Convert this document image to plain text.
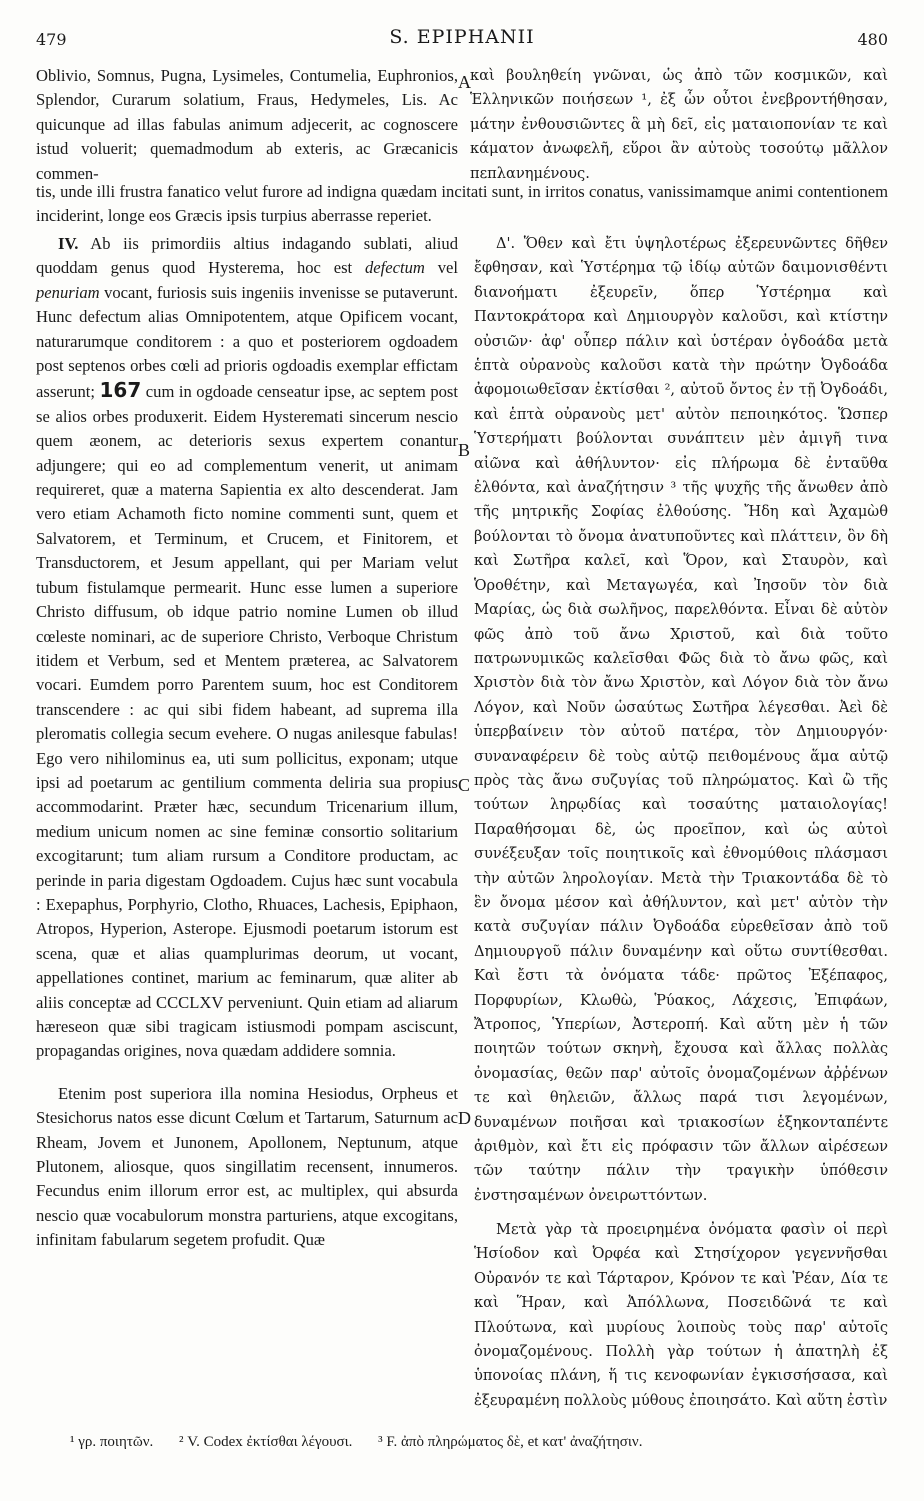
479	S. EPIPHANII	480

Oblivio, Somnus, Pugna, Lysimeles, Contumelia, Euphronios, Splendor, Curarum solatium, Fraus, Hedymeles, Lis. Ac quicunque ad illas fabulas animum adjecerit, ac cognoscere istud voluerit; quemadmodum ab exteris, ac Græcanicis commen-

καὶ βουληθείη γνῶναι, ὡς ἀπὸ τῶν κοσμικῶν, καὶ Ἑλληνικῶν ποιήσεων ¹, ἐξ ὧν οὗτοι ἐνεβροντήθησαν, μάτην ἐνθουσιῶντες ἃ μὴ δεῖ, εἰς ματαιοπονίαν τε καὶ κάματον ἀνωφελῆ, εὕροι ἂν αὐτοὺς τοσούτῳ μᾶλλον πεπλανημένους.

tis, unde illi frustra fanatico velut furore ad indigna quædam incitati sunt, in irritos conatus, vanissimamque animi contentionem inciderint, longe eos Græcis ipsis turpius aberrasse reperiet.

IV. Ab iis primordiis altius indagando sublati, aliud quoddam genus quod Hysterema, hoc est defectum vel penuriam vocant, furiosis suis ingeniis invenisse se putaverunt. Hunc defectum alias Omnipotentem, atque Opificem vocant, naturarumque conditorem : a quo et posteriorem ogdoadem post septenos orbes cœli ad prioris ogdoadis exemplar effictam asserunt; 167 cum in ogdoade censeatur ipse, ac septem post se alios orbes produxerit. Eidem Hysteremati sincerum nescio quem æonem, ac deterioris sexus expertem conantur adjungere; qui eo ad complementum venerit, ut animam requireret, quæ a materna Sapientia ex alto descenderat. Jam vero etiam Achamoth ficto nomine commenti sunt, quem et Salvatorem, et Terminum, et Crucem, et Finitorem, et Transductorem, et Jesum appellant, qui per Mariam velut tubum fistulamque permearit. Hunc esse lumen a superiore Christo diffusum, ob idque patrio nomine Lumen ob illud cœleste nominari, ac de superiore Christo, Verboque Christum itidem et Verbum, sed et Mentem præterea, ac Salvatorem vocari. Eumdem porro Parentem suum, hoc est Conditorem transcendere : ac qui sibi fidem habeant, ad suprema illa pleromatis collegia secum evehere. O nugas anilesque fabulas! Ego vero nihilominus ea, uti sum pollicitus, exponam; utque ipsi ad poetarum ac gentilium commenta deliria sua propius accommodarint. Præter hæc, secundum Tricenarium illum, medium unicum nomen ac sine feminæ consortio solitarium excogitarunt; tum aliam rursum a Conditore productam, ac perinde in paria digestam Ogdoadem. Cujus hæc sunt vocabula : Exepaphus, Porphyrio, Clotho, Rhuaces, Lachesis, Epiphaon, Atropos, Hyperion, Asterope. Ejusmodi poetarum istorum est scena, quæ et alias quamplurimas deorum, ut vocant, appellationes continet, marium ac feminarum, quæ aliter ab aliis conceptæ ad CCCLXV perveniunt. Quin etiam ad aliarum hæreseon quæ sibi tragicam istiusmodi pompam asciscunt, propagandas origines, nova quædam addidere somnia.

Etenim post superiora illa nomina Hesiodus, Orpheus et Stesichorus natos esse dicunt Cœlum et Tartarum, Saturnum ac Rheam, Jovem et Junonem, Apollonem, Neptunum, atque Plutonem, aliosque, quos singillatim recensent, innumeros. Fecundus enim illorum error est, ac multiplex, qui absurda nescio quæ vocabulorum monstra parturiens, atque excogitans, infinitam fabularum segetem profudit. Quæ

Δ'. Ὅθεν καὶ ἔτι ὑψηλοτέρως ἐξερευνῶντες δῆθεν ἔφθησαν, καὶ Ὑστέρημα τῷ ἰδίῳ αὐτῶν δαιμονισθέντι διανοήματι ἐξευρεῖν, ὅπερ Ὑστέρημα καὶ Παντοκράτορα καὶ Δημιουργὸν καλοῦσι, καὶ κτίστην οὐσιῶν· ἀφ' οὗπερ πάλιν καὶ ὑστέραν ὀγδοάδα μετὰ ἑπτὰ οὐρανοὺς καλοῦσι κατὰ τὴν πρώτην Ὀγδοάδα ἀφομοιωθεῖσαν ἐκτίσθαι ², αὐτοῦ ὄντος ἐν τῇ Ὀγδοάδι, καὶ ἑπτὰ οὐρανοὺς μετ' αὐτὸν πεποιηκότος. Ὥσπερ Ὑστερήματι βούλονται συνάπτειν μὲν ἀμιγῆ τινα αἰῶνα καὶ ἀθήλυντον· εἰς πλήρωμα δὲ ἐνταῦθα ἐλθόντα, καὶ ἀναζήτησιν ³ τῆς ψυχῆς τῆς ἄνωθεν ἀπὸ τῆς μητρικῆς Σοφίας ἐλθούσης. Ἤδη καὶ Ἀχαμὼθ βούλονται τὸ ὄνομα ἀνατυποῦντες καὶ πλάττειν, ὃν δὴ καὶ Σωτῆρα καλεῖ, καὶ Ὅρον, καὶ Σταυρὸν, καὶ Ὁροθέτην, καὶ Μεταγωγέα, καὶ Ἰησοῦν τὸν διὰ Μαρίας, ὡς διὰ σωλῆνος, παρελθόντα. Εἶναι δὲ αὐτὸν φῶς ἀπὸ τοῦ ἄνω Χριστοῦ, καὶ διὰ τοῦτο πατρωνυμικῶς καλεῖσθαι Φῶς διὰ τὸ ἄνω φῶς, καὶ Χριστὸν διὰ τὸν ἄνω Χριστὸν, καὶ Λόγον διὰ τὸν ἄνω Λόγον, καὶ Νοῦν ὡσαύτως Σωτῆρα λέγεσθαι. Ἀεὶ δὲ ὑπερβαίνειν τὸν αὐτοῦ πατέρα, τὸν Δημιουργόν· συναναφέρειν δὲ τοὺς αὐτῷ πειθομένους ἅμα αὐτῷ πρὸς τὰς ἄνω συζυγίας τοῦ πληρώματος. Καὶ ὢ τῆς τούτων ληρῳδίας καὶ τοσαύτης ματαιολογίας! Παραθήσομαι δὲ, ὡς προεῖπον, καὶ ὡς αὐτοὶ συνέξευξαν τοῖς ποιητικοῖς καὶ ἐθνομύθοις πλάσμασι τὴν αὐτῶν ληρολογίαν. Μετὰ τὴν Τριακοντάδα δὲ τὸ ἓν ὄνομα μέσον καὶ ἀθήλυντον, καὶ μετ' αὐτὸν τὴν κατὰ συζυγίαν πάλιν Ὀγδοάδα εὑρεθεῖσαν ἀπὸ τοῦ Δημιουργοῦ πάλιν δυναμένην καὶ οὕτω συντίθεσθαι. Καὶ ἔστι τὰ ὀνόματα τάδε· πρῶτος Ἐξέπαφος, Πορφυρίων, Κλωθὼ, Ῥύακος, Λάχεσις, Ἐπιφάων, Ἄτροπος, Ὑπερίων, Ἀστεροπή. Καὶ αὕτη μὲν ἡ τῶν ποιητῶν τούτων σκηνὴ, ἔχουσα καὶ ἄλλας πολλὰς ὀνομασίας, θεῶν παρ' αὐτοῖς ὀνομαζομένων ἀῤῥένων τε καὶ θηλειῶν, ἄλλως παρά τισι λεγομένων, δυναμένων ποιῆσαι καὶ τριακοσίων ἑξηκονταπέντε ἀριθμὸν, καὶ ἔτι εἰς πρόφασιν τῶν ἄλλων αἱρέσεων τῶν ταύτην πάλιν τὴν τραγικὴν ὑπόθεσιν ἐνστησαμένων ὀνειρωττόντων.

Μετὰ γὰρ τὰ προειρημένα ὀνόματα φασὶν οἱ περὶ Ἡσίοδον καὶ Ὀρφέα καὶ Στησίχορον γεγεννῆσθαι Οὐρανόν τε καὶ Τάρταρον, Κρόνον τε καὶ Ῥέαν, Δία τε καὶ Ἥραν, καὶ Ἀπόλλωνα, Ποσειδῶνά τε καὶ Πλούτωνα, καὶ μυρίους λοιποὺς τοὺς παρ' αὐτοῖς ὀνομαζομένους. Πολλὴ γὰρ τούτων ἡ ἀπατηλὴ ἐξ ὑπονοίας πλάνη, ἥ τις κενοφωνίαν ἐγκισσήσασα, καὶ ἐξευραμένη πολλοὺς μύθους ἐποιησάτο. Καὶ αὕτη ἐστὶν

A
B
C
D
¹ γρ. ποιητῶν. ² V. Codex ἐκτίσθαι λέγουσι. ³ F. ἀπὸ πληρώματος δὲ, et κατ' ἀναζήτησιν.
